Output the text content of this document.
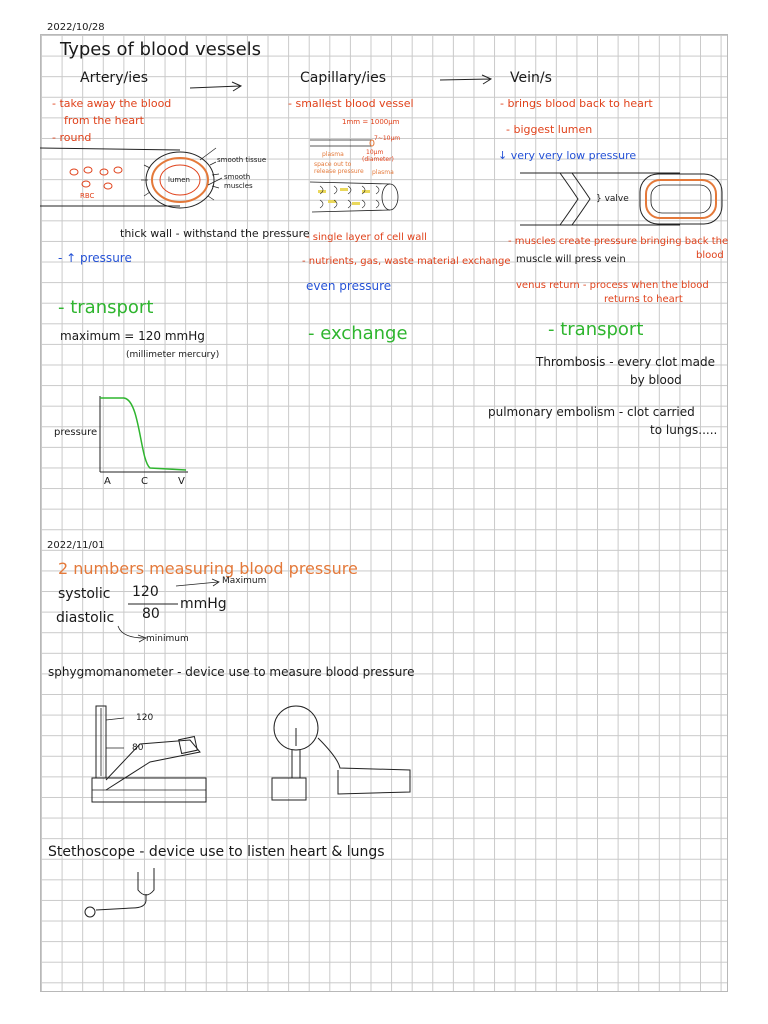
2022/10/28
Types of blood vessels
Artery/ies	Capillary/ies	Vein/s
- take away the blood
from the heart
- round
smooth tissue
lumen	smooth
muscles
RBC
thick wall - withstand the pressure
- ↑ pressure
- transport
maximum = 120 mmHg
(millimeter mercury)
pressure
A	C	V
- smallest blood vessel
1mm = 1000μm
7~10μm
plasma	10μm
(diameter)
space out to
release pressure plasma
- single layer of cell wall
- nutrients, gas, waste material exchange
even pressure
- exchange
- brings blood back to heart
- biggest lumen
↓ very very low pressure
} valve
- muscles create pressure bringing back the
blood
muscle will press vein
venus return - process when the blood
returns to heart
- transport
Thrombosis - every clot made
by blood
pulmonary embolism - clot carried
to lungs.....
2022/11/01
2 numbers measuring blood pressure
systolic
diastolic
120
80
mmHg
Maximum
minimum
sphygmomanometer - device use to measure blood pressure
120
80
Stethoscope - device use to listen heart & lungs
